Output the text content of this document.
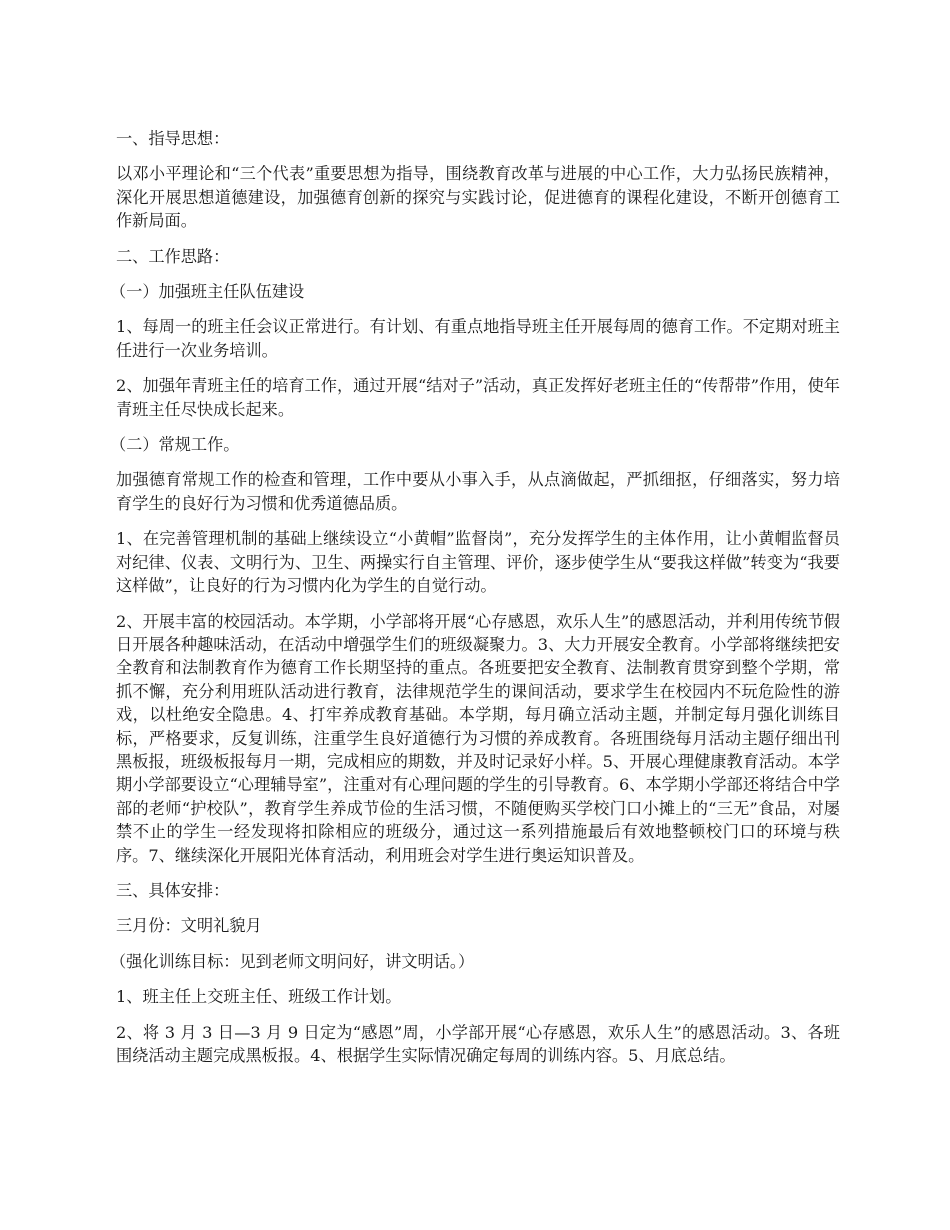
一、指导思想：

以邓小平理论和“三个代表”重要思想为指导，围绕教育改革与进展的中心工作，大力弘扬民族精神，深化开展思想道德建设，加强德育创新的探究与实践讨论，促进德育的课程化建设，不断开创德育工作新局面。

二、工作思路：

（一）加强班主任队伍建设

1、每周一的班主任会议正常进行。有计划、有重点地指导班主任开展每周的德育工作。不定期对班主任进行一次业务培训。

2、加强年青班主任的培育工作，通过开展“结对子”活动，真正发挥好老班主任的“传帮带”作用，使年青班主任尽快成长起来。

（二）常规工作。

加强德育常规工作的检查和管理，工作中要从小事入手，从点滴做起，严抓细抠，仔细落实，努力培育学生的良好行为习惯和优秀道德品质。

1、在完善管理机制的基础上继续设立“小黄帽”监督岗”，充分发挥学生的主体作用，让小黄帽监督员对纪律、仪表、文明行为、卫生、两操实行自主管理、评价，逐步使学生从“要我这样做”转变为“我要这样做”，让良好的行为习惯内化为学生的自觉行动。

2、开展丰富的校园活动。本学期，小学部将开展“心存感恩，欢乐人生”的感恩活动，并利用传统节假日开展各种趣味活动，在活动中增强学生们的班级凝聚力。3、大力开展安全教育。小学部将继续把安全教育和法制教育作为德育工作长期坚持的重点。各班要把安全教育、法制教育贯穿到整个学期，常抓不懈，充分利用班队活动进行教育，法律规范学生的课间活动，要求学生在校园内不玩危险性的游戏，以杜绝安全隐患。4、打牢养成教育基础。本学期，每月确立活动主题，并制定每月强化训练目标，严格要求，反复训练，注重学生良好道德行为习惯的养成教育。各班围绕每月活动主题仔细出刊黑板报，班级板报每月一期，完成相应的期数，并及时记录好小样。5、开展心理健康教育活动。本学期小学部要设立“心理辅导室”，注重对有心理问题的学生的引导教育。6、本学期小学部还将结合中学部的老师“护校队”，教育学生养成节俭的生活习惯，不随便购买学校门口小摊上的“三无”食品，对屡禁不止的学生一经发现将扣除相应的班级分，通过这一系列措施最后有效地整顿校门口的环境与秩序。7、继续深化开展阳光体育活动，利用班会对学生进行奥运知识普及。

三、具体安排：

三月份：文明礼貌月

（强化训练目标：见到老师文明问好，讲文明话。）

1、班主任上交班主任、班级工作计划。

2、将 3 月 3 日—3 月 9 日定为“感恩”周，小学部开展“心存感恩，欢乐人生”的感恩活动。3、各班围绕活动主题完成黑板报。4、根据学生实际情况确定每周的训练内容。5、月底总结。
